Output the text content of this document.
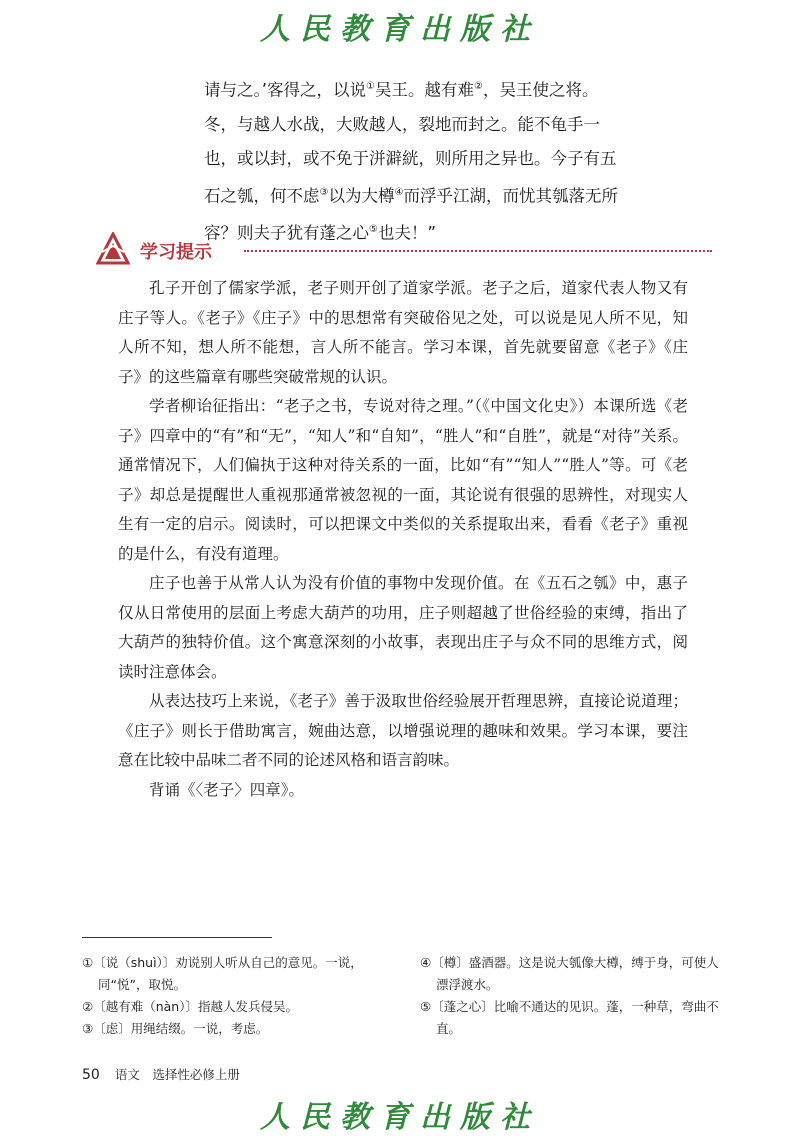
人民教育出版社

请与之。’客得之，以说①吴王。越有难②，吴王使之将。冬，与越人水战，大败越人，裂地而封之。能不龟手一也，或以封，或不免于洴澼絖，则所用之异也。今子有五石之瓠，何不虑③以为大樽④而浮乎江湖，而忧其瓠落无所容？则夫子犹有蓬之心⑤也夫！”

学习提示

孔子开创了儒家学派，老子则开创了道家学派。老子之后，道家代表人物又有庄子等人。《老子》《庄子》中的思想常有突破俗见之处，可以说是见人所不见，知人所不知，想人所不能想，言人所不能言。学习本课，首先就要留意《老子》《庄子》的这些篇章有哪些突破常规的认识。

学者柳诒征指出：“老子之书，专说对待之理。”（《中国文化史》）本课所选《老子》四章中的“有”和“无”，“知人”和“自知”，“胜人”和“自胜”，就是“对待”关系。通常情况下，人们偏执于这种对待关系的一面，比如“有”“知人”“胜人”等。可《老子》却总是提醒世人重视那通常被忽视的一面，其论说有很强的思辨性，对现实人生有一定的启示。阅读时，可以把课文中类似的关系提取出来，看看《老子》重视的是什么，有没有道理。

庄子也善于从常人认为没有价值的事物中发现价值。在《五石之瓠》中，惠子仅从日常使用的层面上考虑大葫芦的功用，庄子则超越了世俗经验的束缚，指出了大葫芦的独特价值。这个寓意深刻的小故事，表现出庄子与众不同的思维方式，阅读时注意体会。

从表达技巧上来说，《老子》善于汲取世俗经验展开哲理思辨，直接论说道理；《庄子》则长于借助寓言，婉曲达意，以增强说理的趣味和效果。学习本课，要注意在比较中品味二者不同的论述风格和语言韵味。

背诵《〈老子〉四章》。

①〔说（shuì）〕劝说别人听从自己的意见。一说，同“悦”，取悦。

②〔越有难（nàn）〕指越人发兵侵吴。

③〔虑〕用绳结缀。一说，考虑。

④〔樽〕盛酒器。这是说大瓠像大樽，缚于身，可使人漂浮渡水。

⑤〔蓬之心〕比喻不通达的见识。蓬，一种草，弯曲不直。

50 语文　选择性必修上册
人民教育出版社
